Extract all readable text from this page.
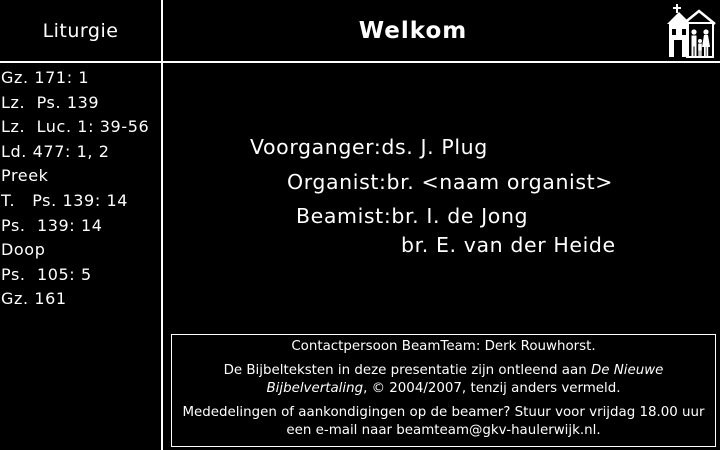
Liturgie
Gz. 171: 1
Lz.  Ps. 139
Lz.  Luc. 1: 39-56
Ld. 477: 1, 2
Preek
T.   Ps. 139: 14
Ps.  139: 14
Doop
Ps.  105: 5
Gz. 161
Welkom
Voorganger:ds. J. Plug
Organist:br. <naam organist>
Beamist:br. I. de Jong
br. E. van der Heide

Contactpersoon BeamTeam: Derk Rouwhorst.

De Bijbelteksten in deze presentatie zijn ontleend aan De Nieuwe Bijbelvertaling, © 2004/2007, tenzij anders vermeld.

Mededelingen of aankondigingen op de beamer? Stuur voor vrijdag 18.00 uur een e-mail naar beamteam@gkv-haulerwijk.nl.
